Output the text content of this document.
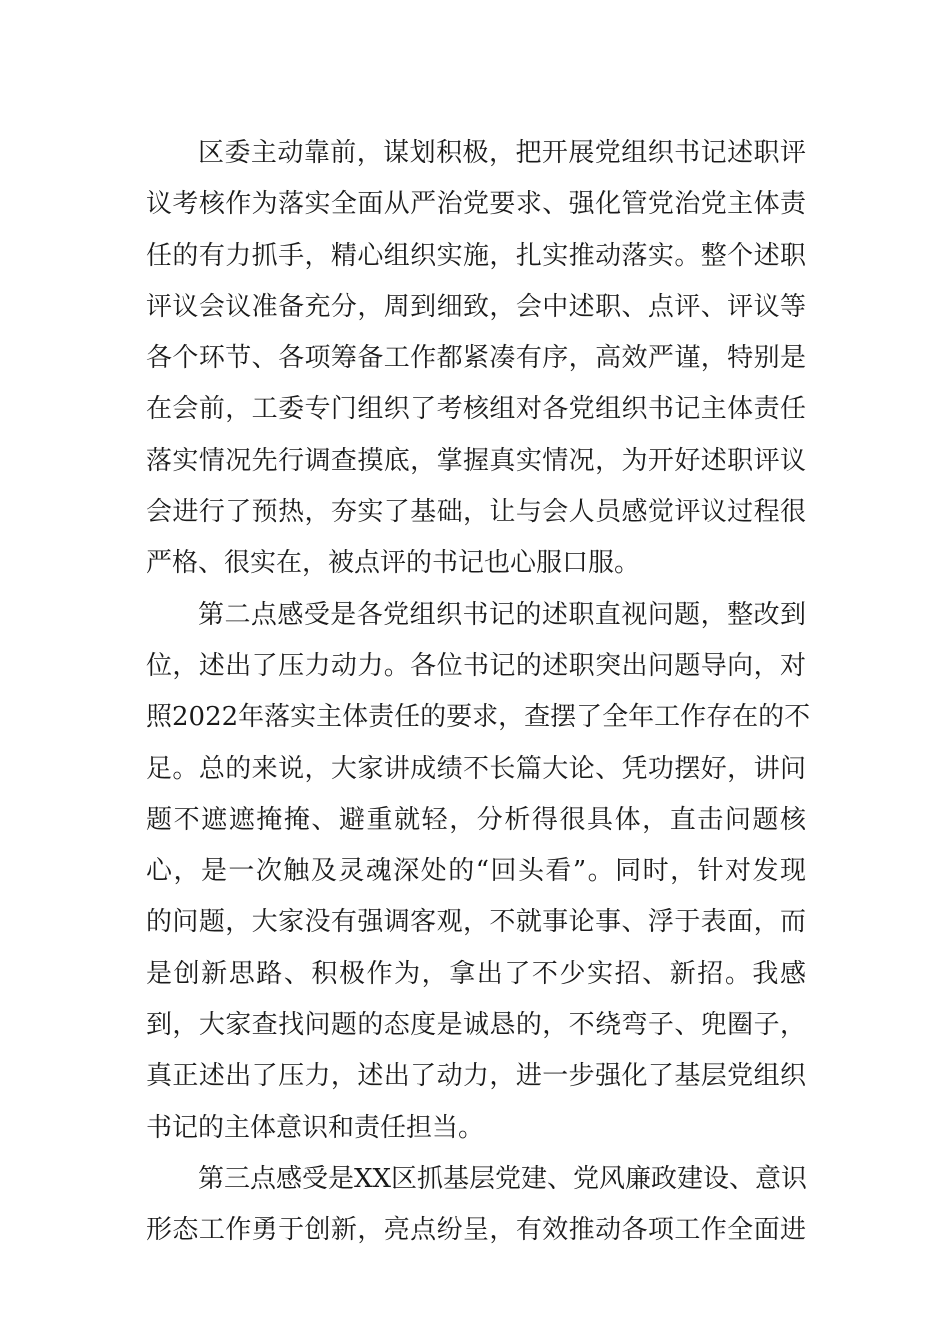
区委主动靠前，谋划积极，把开展党组织书记述职评
议考核作为落实全面从严治党要求、强化管党治党主体责
任的有力抓手，精心组织实施，扎实推动落实。整个述职
评议会议准备充分，周到细致，会中述职、点评、评议等
各个环节、各项筹备工作都紧凑有序，高效严谨，特别是
在会前，工委专门组织了考核组对各党组织书记主体责任
落实情况先行调查摸底，掌握真实情况，为开好述职评议
会进行了预热，夯实了基础，让与会人员感觉评议过程很
严格、很实在，被点评的书记也心服口服。
第二点感受是各党组织书记的述职直视问题，整改到
位，述出了压力动力。各位书记的述职突出问题导向，对
照2022年落实主体责任的要求，查摆了全年工作存在的不
足。总的来说，大家讲成绩不长篇大论、凭功摆好，讲问
题不遮遮掩掩、避重就轻，分析得很具体，直击问题核
心，是一次触及灵魂深处的“回头看”。同时，针对发现
的问题，大家没有强调客观，不就事论事、浮于表面，而
是创新思路、积极作为，拿出了不少实招、新招。我感
到，大家查找问题的态度是诚恳的，不绕弯子、兜圈子，
真正述出了压力，述出了动力，进一步强化了基层党组织
书记的主体意识和责任担当。
第三点感受是XX区抓基层党建、党风廉政建设、意识
形态工作勇于创新，亮点纷呈，有效推动各项工作全面进
